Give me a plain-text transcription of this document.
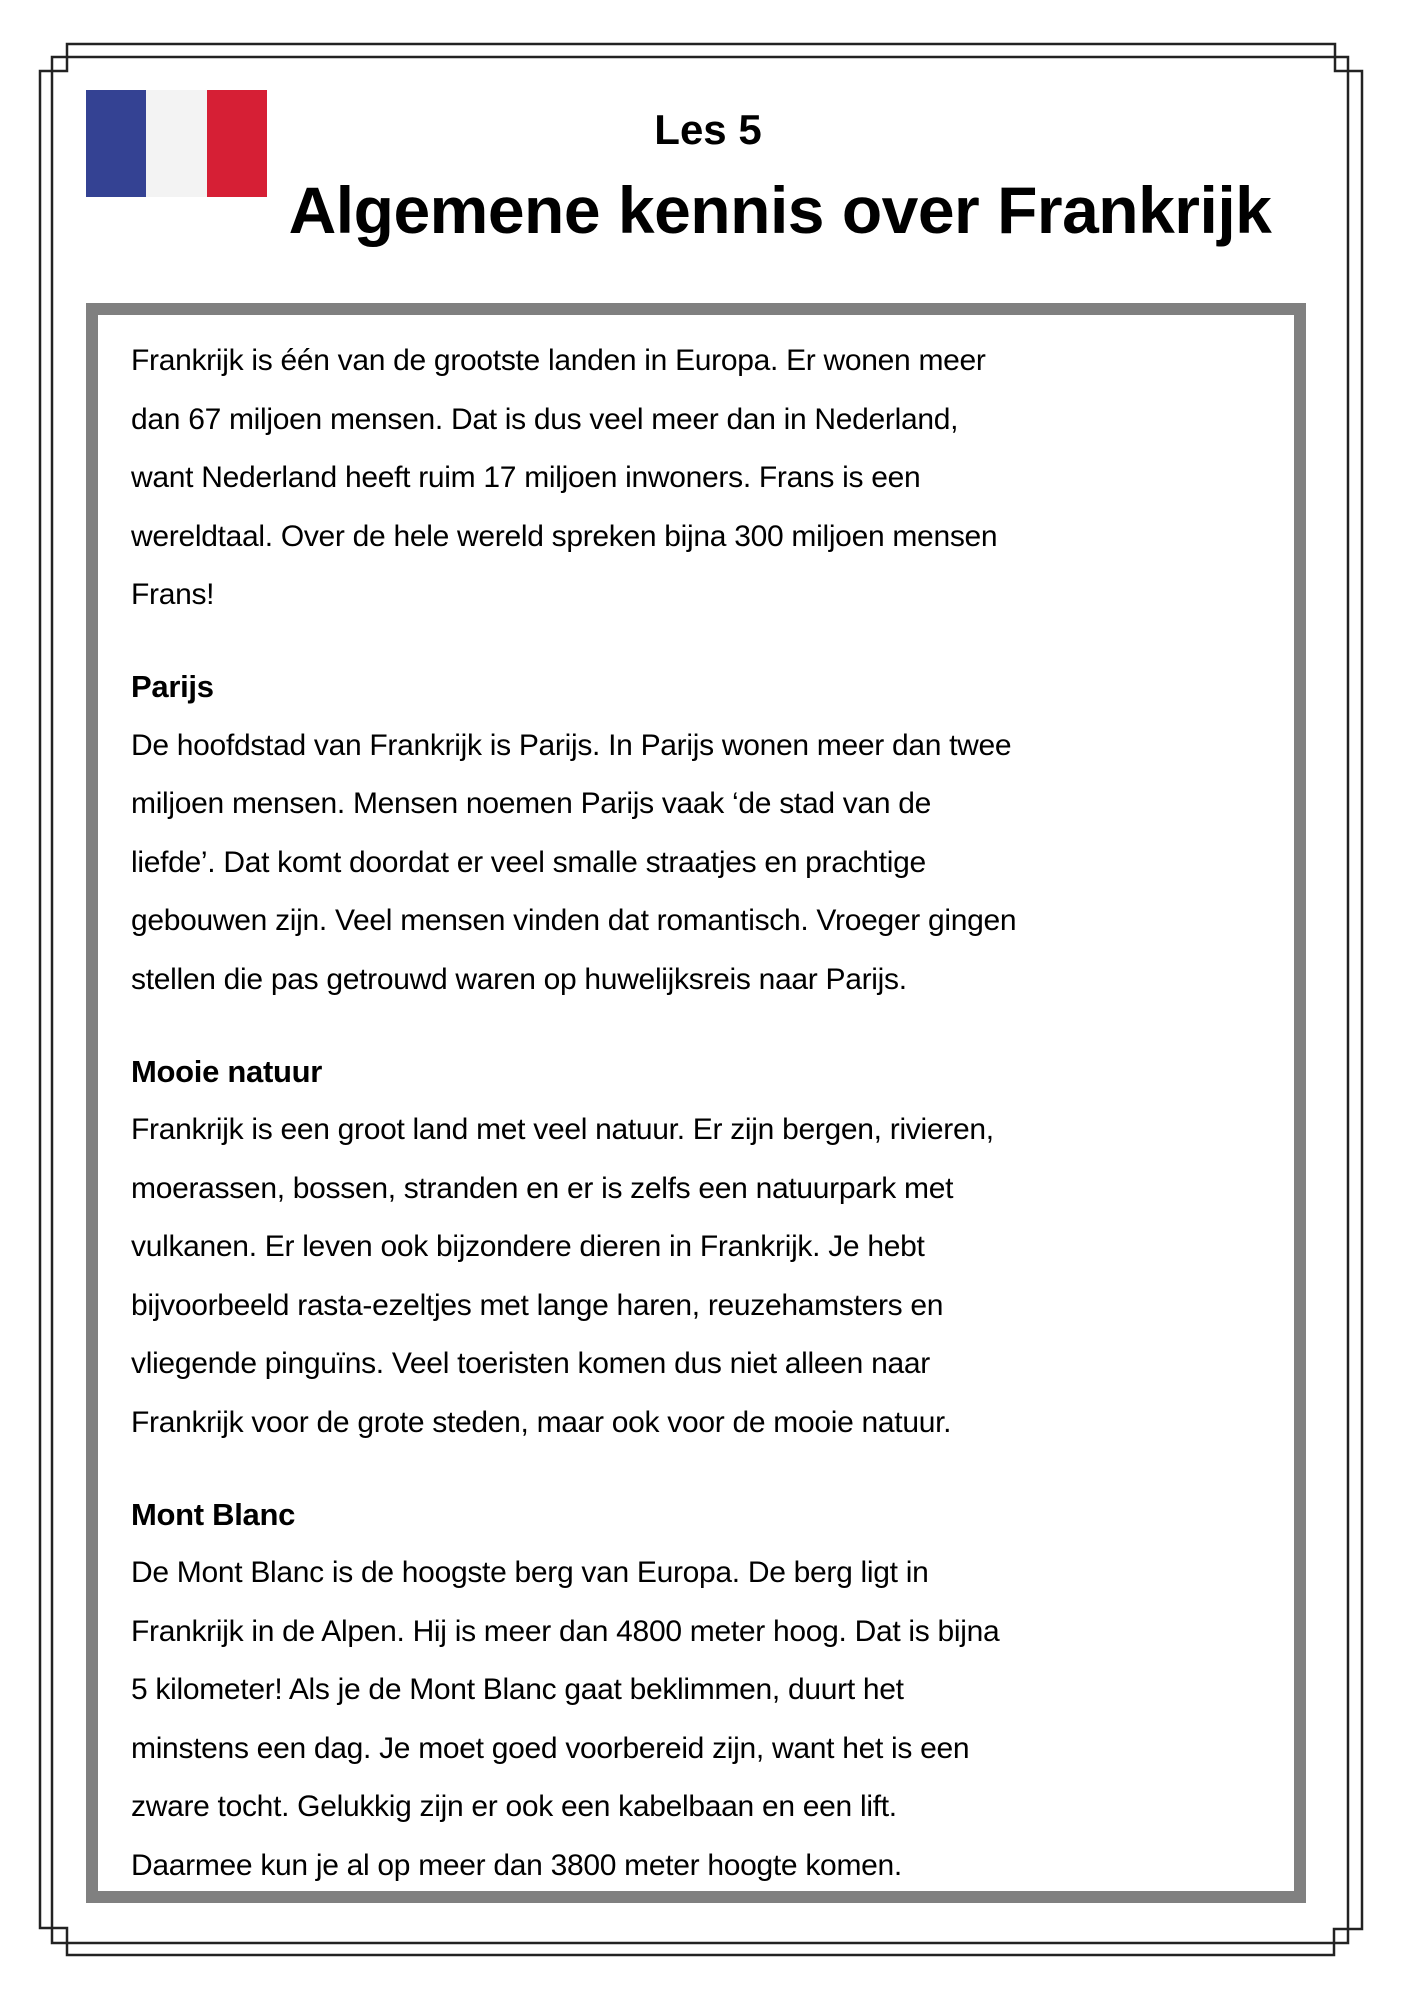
Les 5
Algemene kennis over Frankrijk
Frankrijk is één van de grootste landen in Europa. Er wonen meer
dan 67 miljoen mensen. Dat is dus veel meer dan in Nederland,
want Nederland heeft ruim 17 miljoen inwoners. Frans is een
wereldtaal. Over de hele wereld spreken bijna 300 miljoen mensen
Frans!
Parijs
De hoofdstad van Frankrijk is Parijs. In Parijs wonen meer dan twee
miljoen mensen. Mensen noemen Parijs vaak ‘de stad van de
liefde’. Dat komt doordat er veel smalle straatjes en prachtige
gebouwen zijn. Veel mensen vinden dat romantisch. Vroeger gingen
stellen die pas getrouwd waren op huwelijksreis naar Parijs.
Mooie natuur
Frankrijk is een groot land met veel natuur. Er zijn bergen, rivieren,
moerassen, bossen, stranden en er is zelfs een natuurpark met
vulkanen. Er leven ook bijzondere dieren in Frankrijk. Je hebt
bijvoorbeeld rasta-ezeltjes met lange haren, reuzehamsters en
vliegende pinguïns. Veel toeristen komen dus niet alleen naar
Frankrijk voor de grote steden, maar ook voor de mooie natuur.
Mont Blanc
De Mont Blanc is de hoogste berg van Europa. De berg ligt in
Frankrijk in de Alpen. Hij is meer dan 4800 meter hoog. Dat is bijna
5 kilometer! Als je de Mont Blanc gaat beklimmen, duurt het
minstens een dag. Je moet goed voorbereid zijn, want het is een
zware tocht. Gelukkig zijn er ook een kabelbaan en een lift.
Daarmee kun je al op meer dan 3800 meter hoogte komen.
